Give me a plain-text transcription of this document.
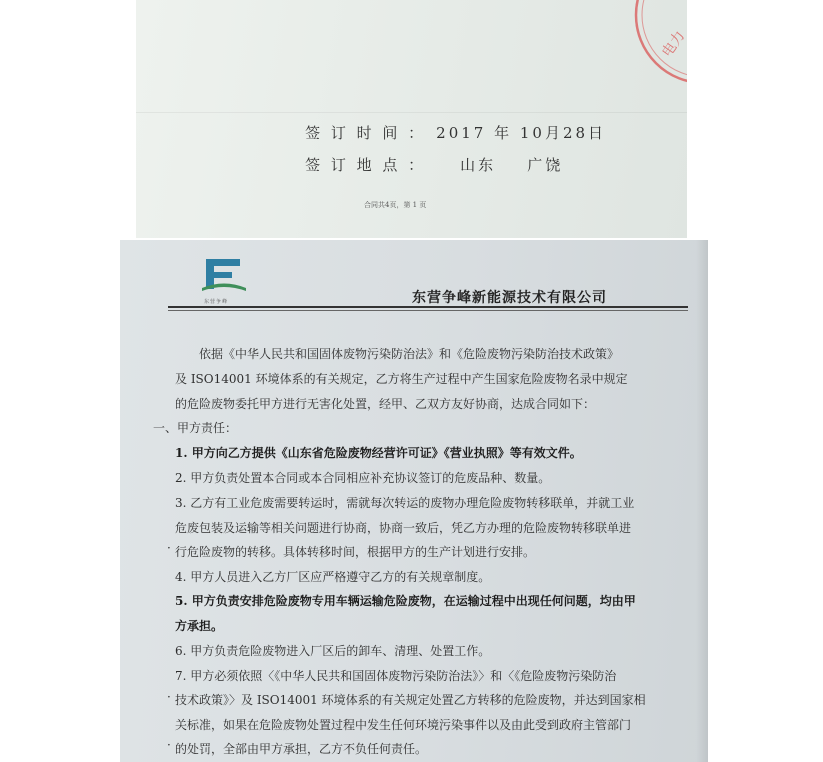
电力

签 订 时 间 ： 2017 年 10月28日

签 订 地 点 ： 山东    广饶

合同共4页，第 1 页
东营争峰	东营争峰新能源技术有限公司
依据《中华人民共和国固体废物污染防治法》和《危险废物污染防治技术政策》
及 ISO14001 环境体系的有关规定，乙方将生产过程中产生国家危险废物名录中规定
的危险废物委托甲方进行无害化处置，经甲、乙双方友好协商，达成合同如下：
一、甲方责任：
1. 甲方向乙方提供《山东省危险废物经营许可证》《营业执照》等有效文件。
2. 甲方负责处置本合同或本合同相应补充协议签订的危废品种、数量。
3. 乙方有工业危废需要转运时，需就每次转运的废物办理危险废物转移联单，并就工业
危废包装及运输等相关问题进行协商，协商一致后，凭乙方办理的危险废物转移联单进
行危险废物的转移。具体转移时间，根据甲方的生产计划进行安排。
4. 甲方人员进入乙方厂区应严格遵守乙方的有关规章制度。
5. 甲方负责安排危险废物专用车辆运输危险废物，在运输过程中出现任何问题，均由甲
方承担。
6. 甲方负责危险废物进入厂区后的卸车、清理、处置工作。
7. 甲方必须依照〈《中华人民共和国固体废物污染防治法》〉和〈《危险废物污染防治
技术政策》〉及 ISO14001 环境体系的有关规定处置乙方转移的危险废物，并达到国家相
关标准，如果在危险废物处置过程中发生任何环境污染事件以及由此受到政府主管部门
的处罚，全部由甲方承担，乙方不负任何责任。
·
·
·
